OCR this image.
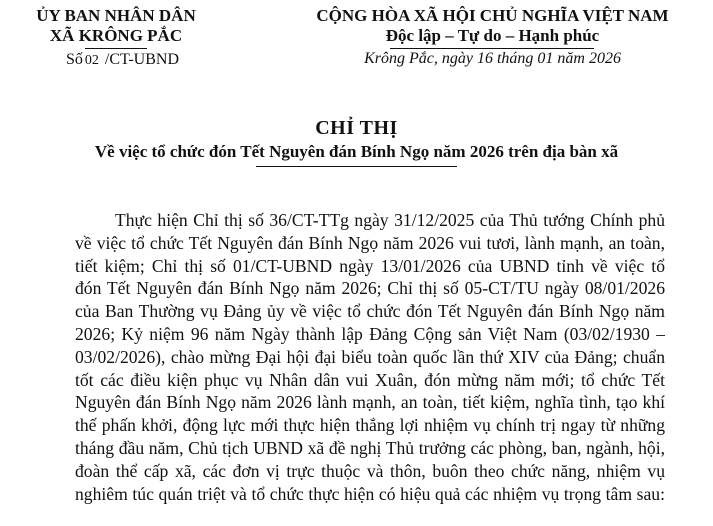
ỦY BAN NHÂN DÂN
XÃ KRÔNG PẮC
Số 02 /CT-UBND
CỘNG HÒA XÃ HỘI CHỦ NGHĨA VIỆT NAM
Độc lập – Tự do – Hạnh phúc
Krông Pắc, ngày 16 tháng 01 năm 2026
CHỈ THỊ
Về việc tổ chức đón Tết Nguyên đán Bính Ngọ năm 2026 trên địa bàn xã
Thực hiện Chỉ thị số 36/CT-TTg ngày 31/12/2025 của Thủ tướng Chính phủ
về việc tổ chức Tết Nguyên đán Bính Ngọ năm 2026 vui tươi, lành mạnh, an toàn,
tiết kiệm; Chỉ thị số 01/CT-UBND ngày 13/01/2026 của UBND tỉnh về việc tổ
đón Tết Nguyên đán Bính Ngọ năm 2026; Chỉ thị số 05-CT/TU ngày 08/01/2026
của Ban Thường vụ Đảng ủy về việc tổ chức đón Tết Nguyên đán Bính Ngọ năm
2026; Kỷ niệm 96 năm Ngày thành lập Đảng Cộng sản Việt Nam (03/02/1930 –
03/02/2026), chào mừng Đại hội đại biểu toàn quốc lần thứ XIV của Đảng; chuẩn
tốt các điều kiện phục vụ Nhân dân vui Xuân, đón mừng năm mới; tổ chức Tết
Nguyên đán Bính Ngọ năm 2026 lành mạnh, an toàn, tiết kiệm, nghĩa tình, tạo khí
thế phấn khởi, động lực mới thực hiện thắng lợi nhiệm vụ chính trị ngay từ những
tháng đầu năm, Chủ tịch UBND xã đề nghị Thủ trưởng các phòng, ban, ngành, hội,
đoàn thể cấp xã, các đơn vị trực thuộc và thôn, buôn theo chức năng, nhiệm vụ
nghiêm túc quán triệt và tổ chức thực hiện có hiệu quả các nhiệm vụ trọng tâm sau:
